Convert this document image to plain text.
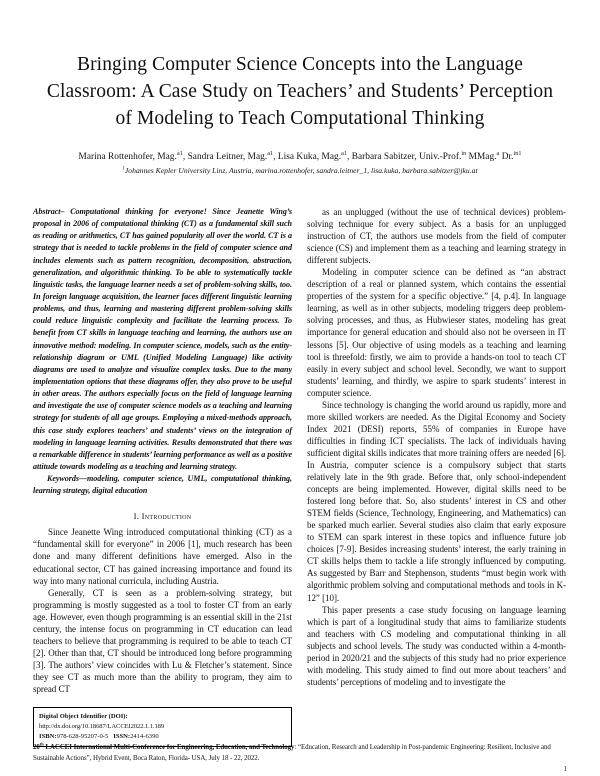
Bringing Computer Science Concepts into the Language Classroom: A Case Study on Teachers’ and Students’ Perception of Modeling to Teach Computational Thinking
Marina Rottenhofer, Mag.$^{a1}$, Sandra Leitner, Mag.$^{a1}$, Lisa Kuka, Mag.$^{a1}$, Barbara Sabitzer, Univ.-Prof.$^{in}$ MMag.$^a$ Dr.$^{in1}$
$^1$Johannes Kepler University Linz, Austria, marina.rottenhofer, sandra.leitner_1, lisa.kuka, barbara.sabitzer@jku.at

Abstract– Computational thinking for everyone! Since Jeanette Wing’s proposal in 2006 of computational thinking (CT) as a fundamental skill such as reading or arithmetics, CT has gained popularity all over the world. CT is a strategy that is needed to tackle problems in the field of computer science and includes elements such as pattern recognition, decomposition, abstraction, generalization, and algorithmic thinking. To be able to systematically tackle linguistic tasks, the language learner needs a set of problem-solving skills, too. In foreign language acquisition, the learner faces different linguistic learning problems, and thus, learning and mastering different problem-solving skills could reduce linguistic complexity and facilitate the learning process. To benefit from CT skills in language teaching and learning, the authors use an innovative method: modeling. In computer science, models, such as the entity-relationship diagram or UML (Unified Modeling Language) like activity diagrams are used to analyze and visualize complex tasks. Due to the many implementation options that these diagrams offer, they also prove to be useful in other areas. The authors especially focus on the field of language learning and investigate the use of computer science models as a teaching and learning strategy for students of all age groups. Employing a mixed-methods approach, this case study explores teachers’ and students’ views on the integration of modeling in language learning activities. Results demonstrated that there was a remarkable difference in students’ learning performance as well as a positive attitude towards modeling as a teaching and learning strategy.

Keywords—modeling, computer science, UML, computational thinking, learning strategy, digital education

I. Introduction

Since Jeanette Wing introduced computational thinking (CT) as a “fundamental skill for everyone” in 2006 [1], much research has been done and many different definitions have emerged. Also in the educational sector, CT has gained increasing importance and found its way into many national curricula, including Austria.

Generally, CT is seen as a problem-solving strategy, but programming is mostly suggested as a tool to foster CT from an early age. However, even though programming is an essential skill in the 21st century, the intense focus on programming in CT education can lead teachers to believe that programming is required to be able to teach CT [2]. Other than that, CT should be introduced long before programming [3]. The authors’ view coincides with Lu & Fletcher’s statement. Since they see CT as much more than the ability to program, they aim to spread CT

Digital Object Identifier (DOI):
http://dx.doi.org/10.18687/LACCEI2022.1.1.189
ISBN:978-628-95207-0-5 ISSN:2414-6390

as an unplugged (without the use of technical devices) problem-solving technique for every subject. As a basis for an unplugged instruction of CT, the authors use models from the field of computer science (CS) and implement them as a teaching and learning strategy in different subjects.

Modeling in computer science can be defined as “an abstract description of a real or planned system, which contains the essential properties of the system for a specific objective.” [4, p.4]. In language learning, as well as in other subjects, modeling triggers deep problem-solving processes, and thus, as Hubwieser states, modeling has great importance for general education and should also not be overseen in IT lessons [5]. Our objective of using models as a teaching and learning tool is threefold: firstly, we aim to provide a hands-on tool to teach CT easily in every subject and school level. Secondly, we want to support students’ learning, and thirdly, we aspire to spark students’ interest in computer science.

Since technology is changing the world around us rapidly, more and more skilled workers are needed. As the Digital Economy and Society Index 2021 (DESI) reports, 55% of companies in Europe have difficulties in finding ICT specialists. The lack of individuals having sufficient digital skills indicates that more training offers are needed [6]. In Austria, computer science is a compulsory subject that starts relatively late in the 9th grade. Before that, only school-independent concepts are being implemented. However, digital skills need to be fostered long before that. So, also students’ interest in CS and other STEM fields (Science, Technology, Engineering, and Mathematics) can be sparked much earlier. Several studies also claim that early exposure to STEM can spark interest in these topics and influence future job choices [7-9]. Besides increasing students’ interest, the early training in CT skills helps them to tackle a life strongly influenced by computing. As suggested by Barr and Stephenson, students “must begin work with algorithmic problem solving and computational methods and tools in K-12” [10].

This paper presents a case study focusing on language learning which is part of a longitudinal study that aims to familiarize students and teachers with CS modeling and computational thinking in all subjects and school levels. The study was conducted within a 4-month-period in 2020/21 and the subjects of this study had no prior experience with modeling. This study aimed to find out more about teachers’ and students’ perceptions of modeling and to investigate the

20th LACCEI International Multi-Conference for Engineering, Education, and Technology: “Education, Research and Leadership in Post-pandemic Engineering: Resilient, Inclusive and Sustainable Actions”, Hybrid Event, Boca Raton, Florida- USA, July 18 - 22, 2022.
1
